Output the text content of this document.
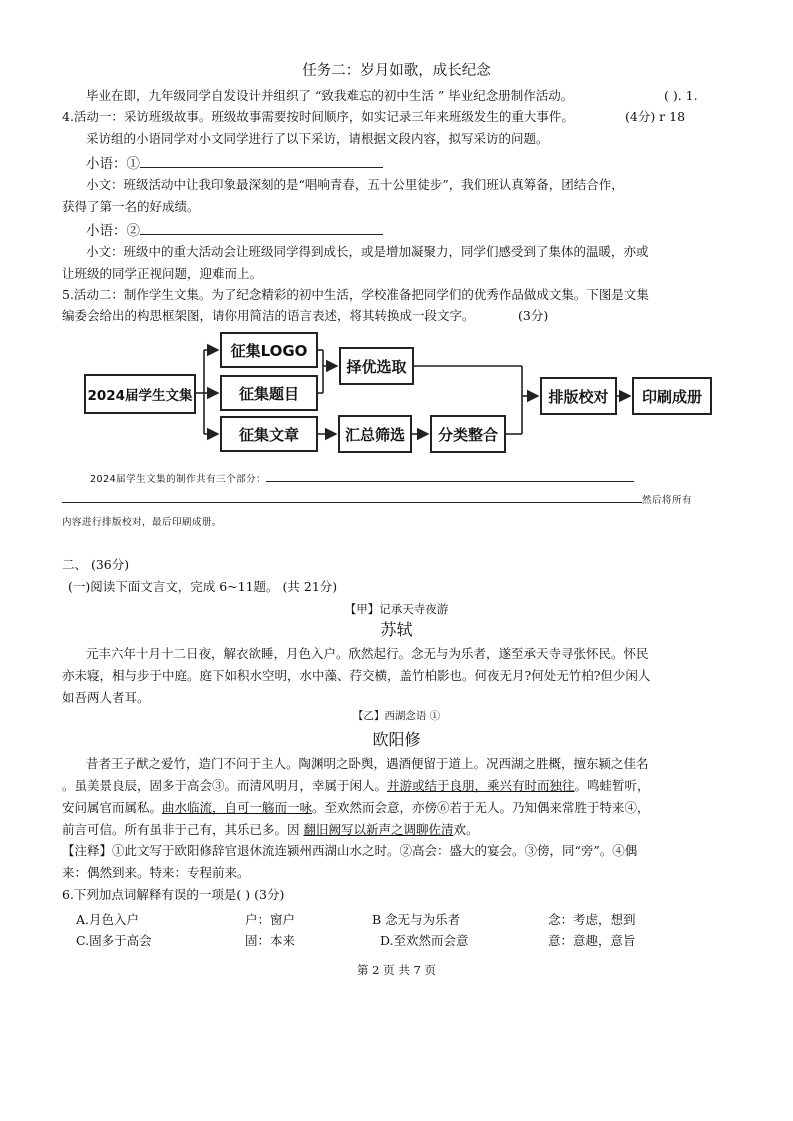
任务二：岁月如歌，成长纪念
毕业在即，九年级同学自发设计并组织了 “致我难忘的初中生活 ” 毕业纪念册制作活动。	( ). 1.
4.活动一：采访班级故事。班级故事需要按时间顺序，如实记录三年来班级发生的重大事件。	(4分) r 18
采访组的小语同学对小文同学进行了以下采访，请根据文段内容，拟写采访的问题。
小语：①
小文：班级活动中让我印象最深刻的是“唱响青春，五十公里徒步”，我们班认真筹备，团结合作，
获得了第一名的好成绩。
小语：②
小文：班级中的重大活动会让班级同学得到成长，或是增加凝聚力，同学们感受到了集体的温暖，亦或
让班级的同学正视问题，迎难而上。
5.活动二：制作学生文集。为了纪念精彩的初中生活，学校准备把同学们的优秀作品做成文集。下图是文集
编委会给出的构思框架图，请你用简洁的语言表述，将其转换成一段文字。	(3分)
2024届学生文集
征集LOGO
征集题目
征集文章
择优选取
汇总筛选	分类整合
排版校对	印刷成册
2024届学生文集的制作共有三个部分：
然后将所有
内容进行排版校对，最后印刷成册。
二、 (36分)
(一)阅读下面文言文，完成 6~11题。 (共 21分)
【甲】记承天寺夜游
苏轼
元丰六年十月十二日夜，解衣欲睡，月色入户。欣然起行。念无与为乐者，遂至承天寺寻张怀民。怀民
亦未寝，相与步于中庭。庭下如积水空明，水中藻、荇交横，盖竹柏影也。何夜无月?何处无竹柏?但少闲人
如吾两人者耳。
【乙】西湖念语 ①
欧阳修
昔者王子猷之爱竹，造门不问于主人。陶渊明之卧舆，遇酒便留于道上。况西湖之胜概，擅东颍之佳名
。虽美景良辰，固多于高会③。而清风明月，幸属于闲人。并游或结于良朋，乘兴有时而独往。鸣蛙暂听，
安问属官而属私。曲水临流，自可一觞而一咏。至欢然而会意，亦傍⑥若于无人。乃知偶来常胜于特来④，
前言可信。所有虽非于己有，其乐已多。因 翻旧阙写以新声之调聊佐清欢。
【注释】①此文写于欧阳修辞官退休流连颍州西湖山水之时。②高会：盛大的宴会。③傍，同“旁”。④偶
来：偶然到来。特来：专程前来。
6.下列加点词解释有误的一项是( ) (3分)
A.月色入户	户：窗户	B 念无与为乐者	念：考虑，想到
C.固多于高会	固：本来	D.至欢然而会意	意：意趣，意旨
第 2 页 共 7 页
